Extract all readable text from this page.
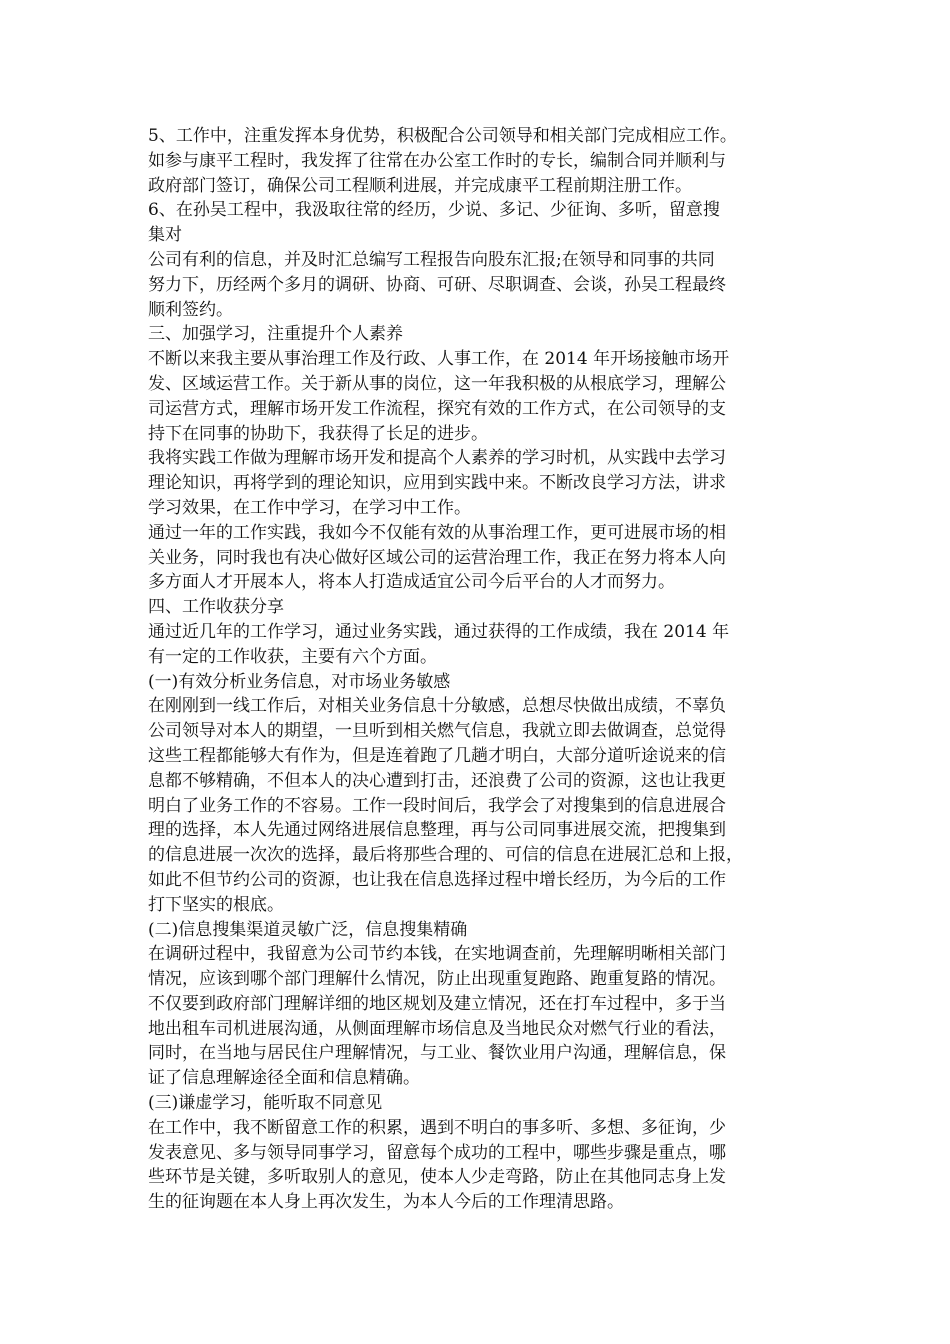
5、工作中，注重发挥本身优势，积极配合公司领导和相关部门完成相应工作。
如参与康平工程时，我发挥了往常在办公室工作时的专长，编制合同并顺利与
政府部门签订，确保公司工程顺利进展，并完成康平工程前期注册工作。
6、在孙吴工程中，我汲取往常的经历，少说、多记、少征询、多听，留意搜
集对
公司有利的信息，并及时汇总编写工程报告向股东汇报;在领导和同事的共同
努力下，历经两个多月的调研、协商、可研、尽职调查、会谈，孙吴工程最终
顺利签约。
三、加强学习，注重提升个人素养
不断以来我主要从事治理工作及行政、人事工作，在 2014 年开场接触市场开
发、区域运营工作。关于新从事的岗位，这一年我积极的从根底学习，理解公
司运营方式，理解市场开发工作流程，探究有效的工作方式，在公司领导的支
持下在同事的协助下，我获得了长足的进步。
我将实践工作做为理解市场开发和提高个人素养的学习时机，从实践中去学习
理论知识，再将学到的理论知识，应用到实践中来。不断改良学习方法，讲求
学习效果，在工作中学习，在学习中工作。
通过一年的工作实践，我如今不仅能有效的从事治理工作，更可进展市场的相
关业务，同时我也有决心做好区域公司的运营治理工作，我正在努力将本人向
多方面人才开展本人，将本人打造成适宜公司今后平台的人才而努力。
四、工作收获分享
通过近几年的工作学习，通过业务实践，通过获得的工作成绩，我在 2014 年
有一定的工作收获，主要有六个方面。
(一)有效分析业务信息，对市场业务敏感
在刚刚到一线工作后，对相关业务信息十分敏感，总想尽快做出成绩，不辜负
公司领导对本人的期望，一旦听到相关燃气信息，我就立即去做调查，总觉得
这些工程都能够大有作为，但是连着跑了几趟才明白，大部分道听途说来的信
息都不够精确，不但本人的决心遭到打击，还浪费了公司的资源，这也让我更
明白了业务工作的不容易。工作一段时间后，我学会了对搜集到的信息进展合
理的选择，本人先通过网络进展信息整理，再与公司同事进展交流，把搜集到
的信息进展一次次的选择，最后将那些合理的、可信的信息在进展汇总和上报，
如此不但节约公司的资源，也让我在信息选择过程中增长经历，为今后的工作
打下坚实的根底。
(二)信息搜集渠道灵敏广泛，信息搜集精确
在调研过程中，我留意为公司节约本钱，在实地调查前，先理解明晰相关部门
情况，应该到哪个部门理解什么情况，防止出现重复跑路、跑重复路的情况。
不仅要到政府部门理解详细的地区规划及建立情况，还在打车过程中，多于当
地出租车司机进展沟通，从侧面理解市场信息及当地民众对燃气行业的看法，
同时，在当地与居民住户理解情况，与工业、餐饮业用户沟通，理解信息，保
证了信息理解途径全面和信息精确。
(三)谦虚学习，能听取不同意见
在工作中，我不断留意工作的积累，遇到不明白的事多听、多想、多征询，少
发表意见、多与领导同事学习，留意每个成功的工程中，哪些步骤是重点，哪
些环节是关键，多听取别人的意见，使本人少走弯路，防止在其他同志身上发
生的征询题在本人身上再次发生，为本人今后的工作理清思路。
